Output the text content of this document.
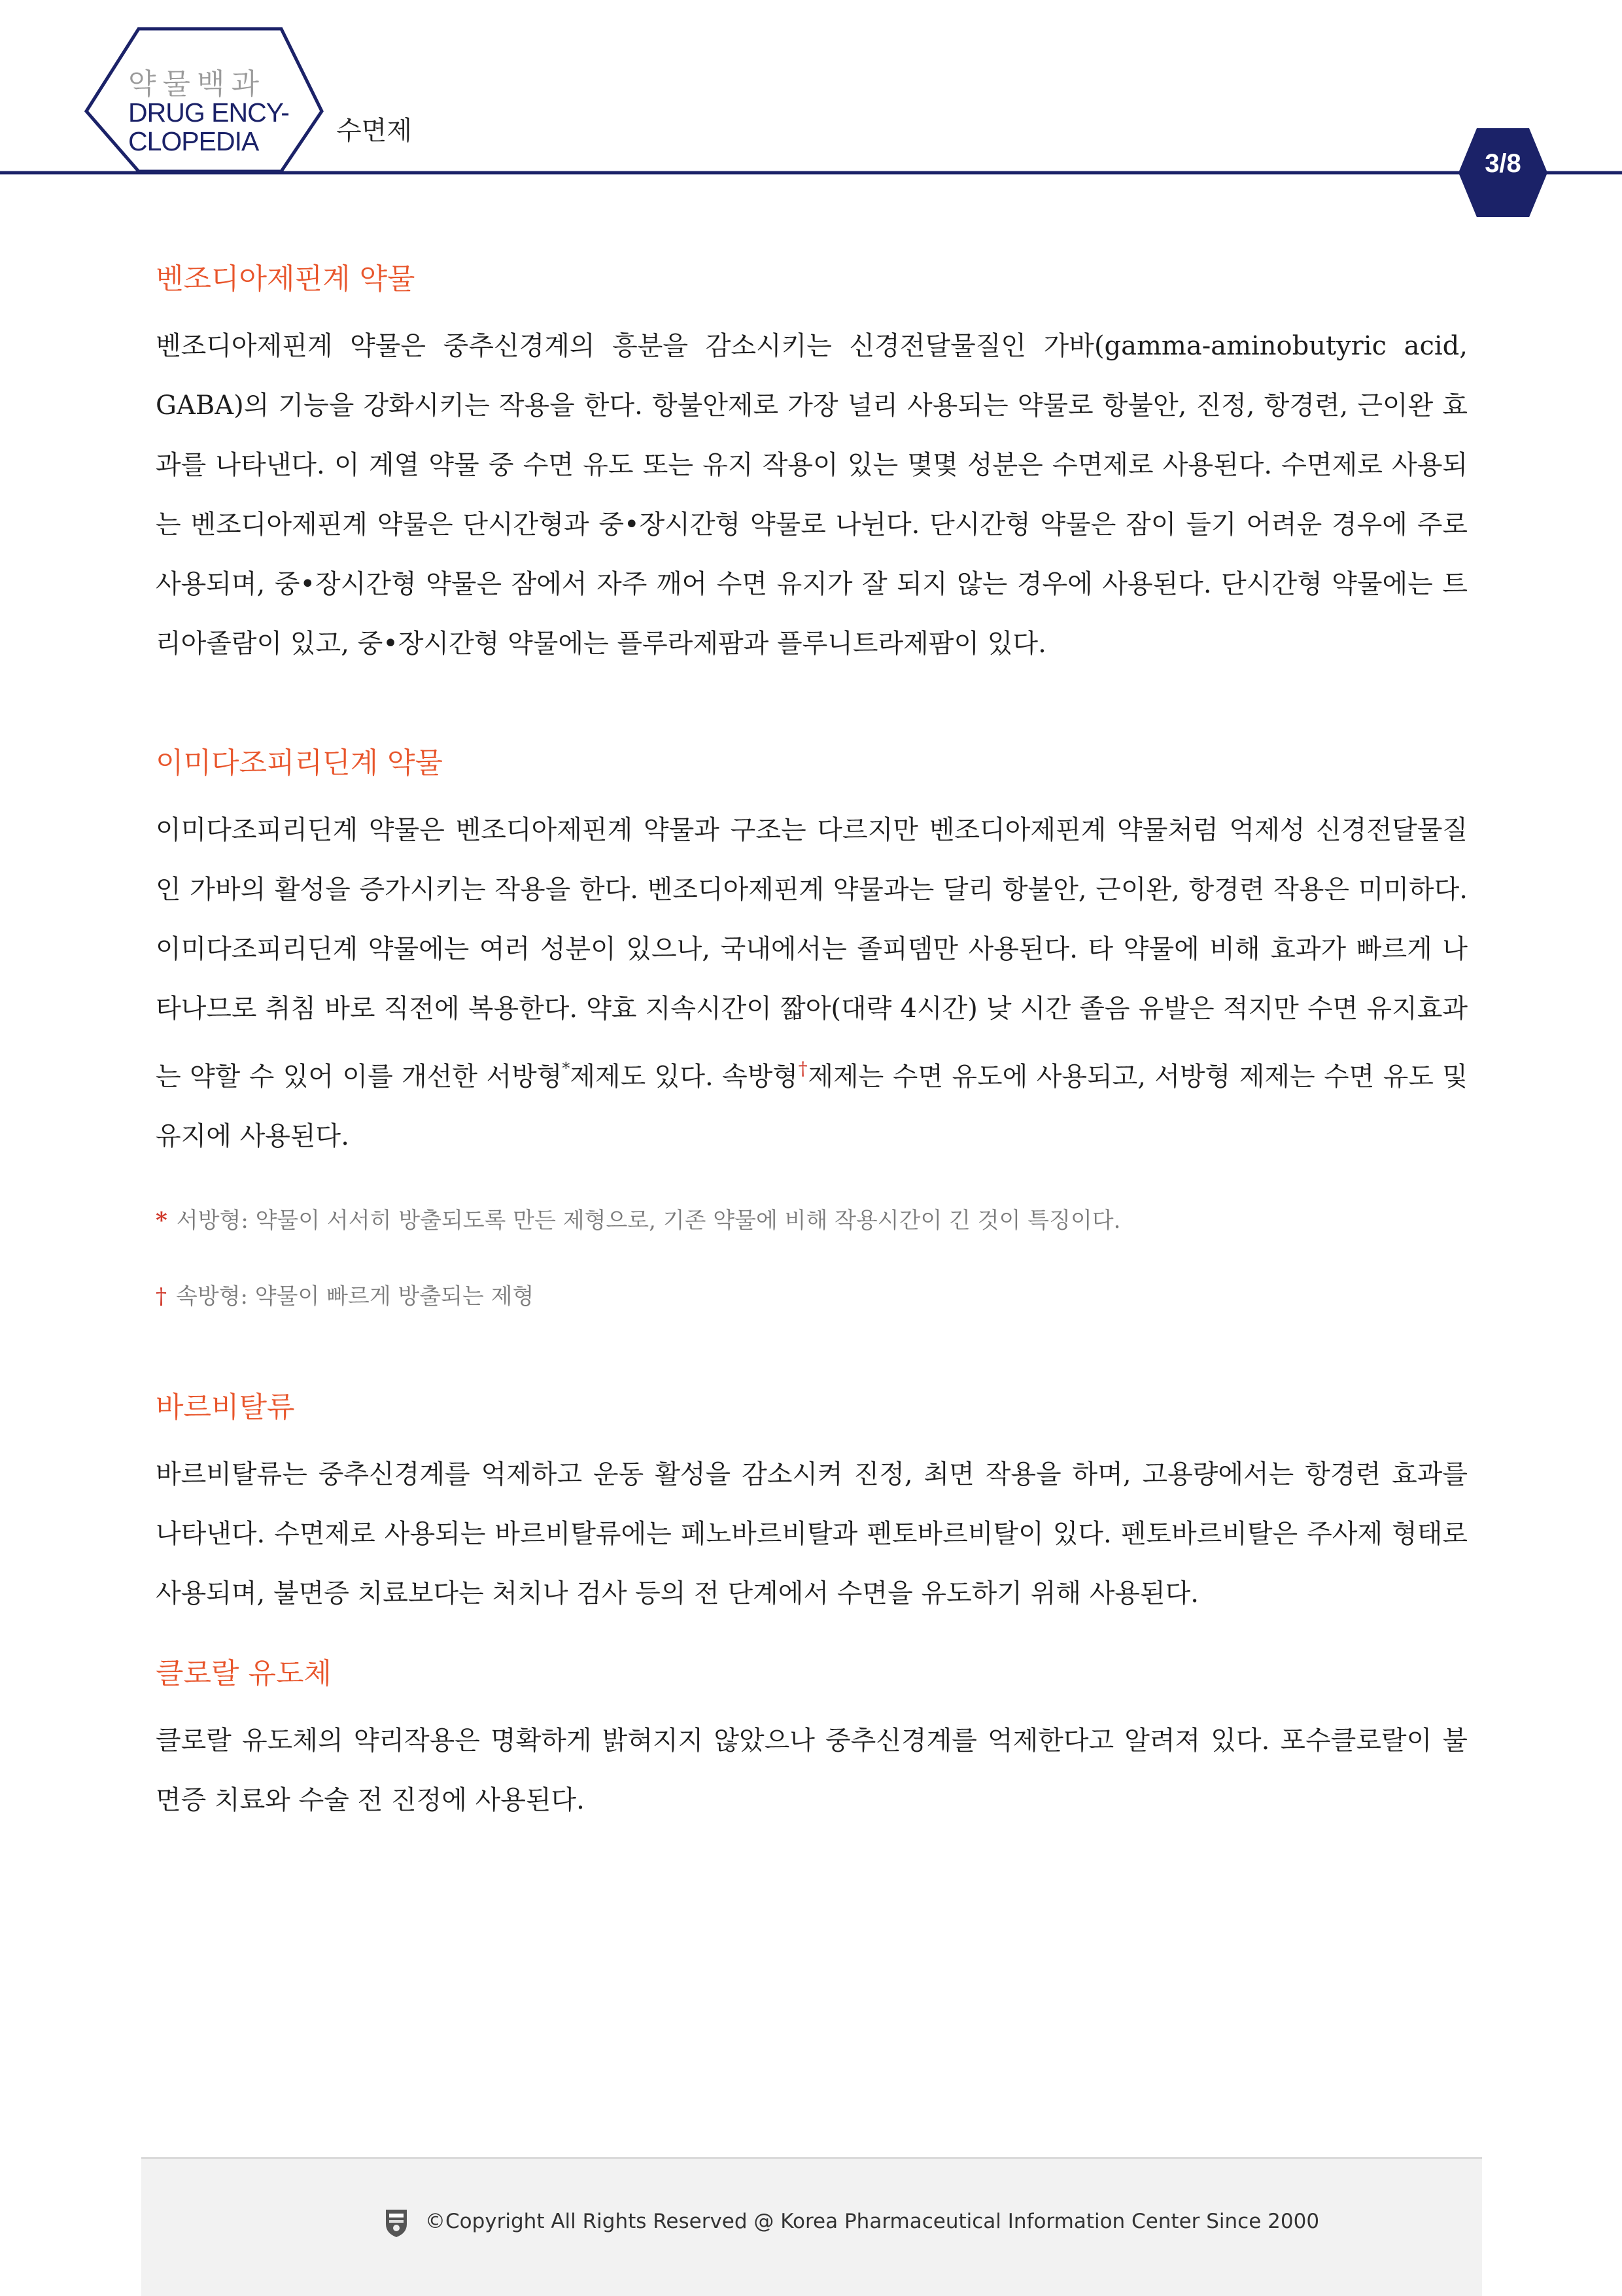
약물백과
DRUG ENCY-
CLOPEDIA	수면제
3/8
벤조디아제핀계 약물

벤조디아제핀계 약물은 중추신경계의 흥분을 감소시키는 신경전달물질인 가바(gamma-aminobutyric acid, GABA)의 기능을 강화시키는 작용을 한다. 항불안제로 가장 널리 사용되는 약물로 항불안, 진정, 항경련, 근이완 효과를 나타낸다. 이 계열 약물 중 수면 유도 또는 유지 작용이 있는 몇몇 성분은 수면제로 사용된다. 수면제로 사용되는 벤조디아제핀계 약물은 단시간형과 중•장시간형 약물로 나뉜다. 단시간형 약물은 잠이 들기 어려운 경우에 주로 사용되며, 중•장시간형 약물은 잠에서 자주 깨어 수면 유지가 잘 되지 않는 경우에 사용된다. 단시간형 약물에는 트리아졸람이 있고, 중•장시간형 약물에는 플루라제팜과 플루니트라제팜이 있다.

이미다조피리딘계 약물

이미다조피리딘계 약물은 벤조디아제핀계 약물과 구조는 다르지만 벤조디아제핀계 약물처럼 억제성 신경전달물질인 가바의 활성을 증가시키는 작용을 한다. 벤조디아제핀계 약물과는 달리 항불안, 근이완, 항경련 작용은 미미하다. 이미다조피리딘계 약물에는 여러 성분이 있으나, 국내에서는 졸피뎀만 사용된다. 타 약물에 비해 효과가 빠르게 나타나므로 취침 바로 직전에 복용한다. 약효 지속시간이 짧아(대략 4시간) 낮 시간 졸음 유발은 적지만 수면 유지효과는 약할 수 있어 이를 개선한 서방형*제제도 있다. 속방형†제제는 수면 유도에 사용되고, 서방형 제제는 수면 유도 및 유지에 사용된다.

* 서방형: 약물이 서서히 방출되도록 만든 제형으로, 기존 약물에 비해 작용시간이 긴 것이 특징이다.

† 속방형: 약물이 빠르게 방출되는 제형

바르비탈류

바르비탈류는 중추신경계를 억제하고 운동 활성을 감소시켜 진정, 최면 작용을 하며, 고용량에서는 항경련 효과를 나타낸다. 수면제로 사용되는 바르비탈류에는 페노바르비탈과 펜토바르비탈이 있다. 펜토바르비탈은 주사제 형태로 사용되며, 불면증 치료보다는 처치나 검사 등의 전 단계에서 수면을 유도하기 위해 사용된다.

클로랄 유도체

클로랄 유도체의 약리작용은 명확하게 밝혀지지 않았으나 중추신경계를 억제한다고 알려져 있다. 포수클로랄이 불면증 치료와 수술 전 진정에 사용된다.

©Copyright All Rights Reserved @ Korea Pharmaceutical Information Center Since 2000
